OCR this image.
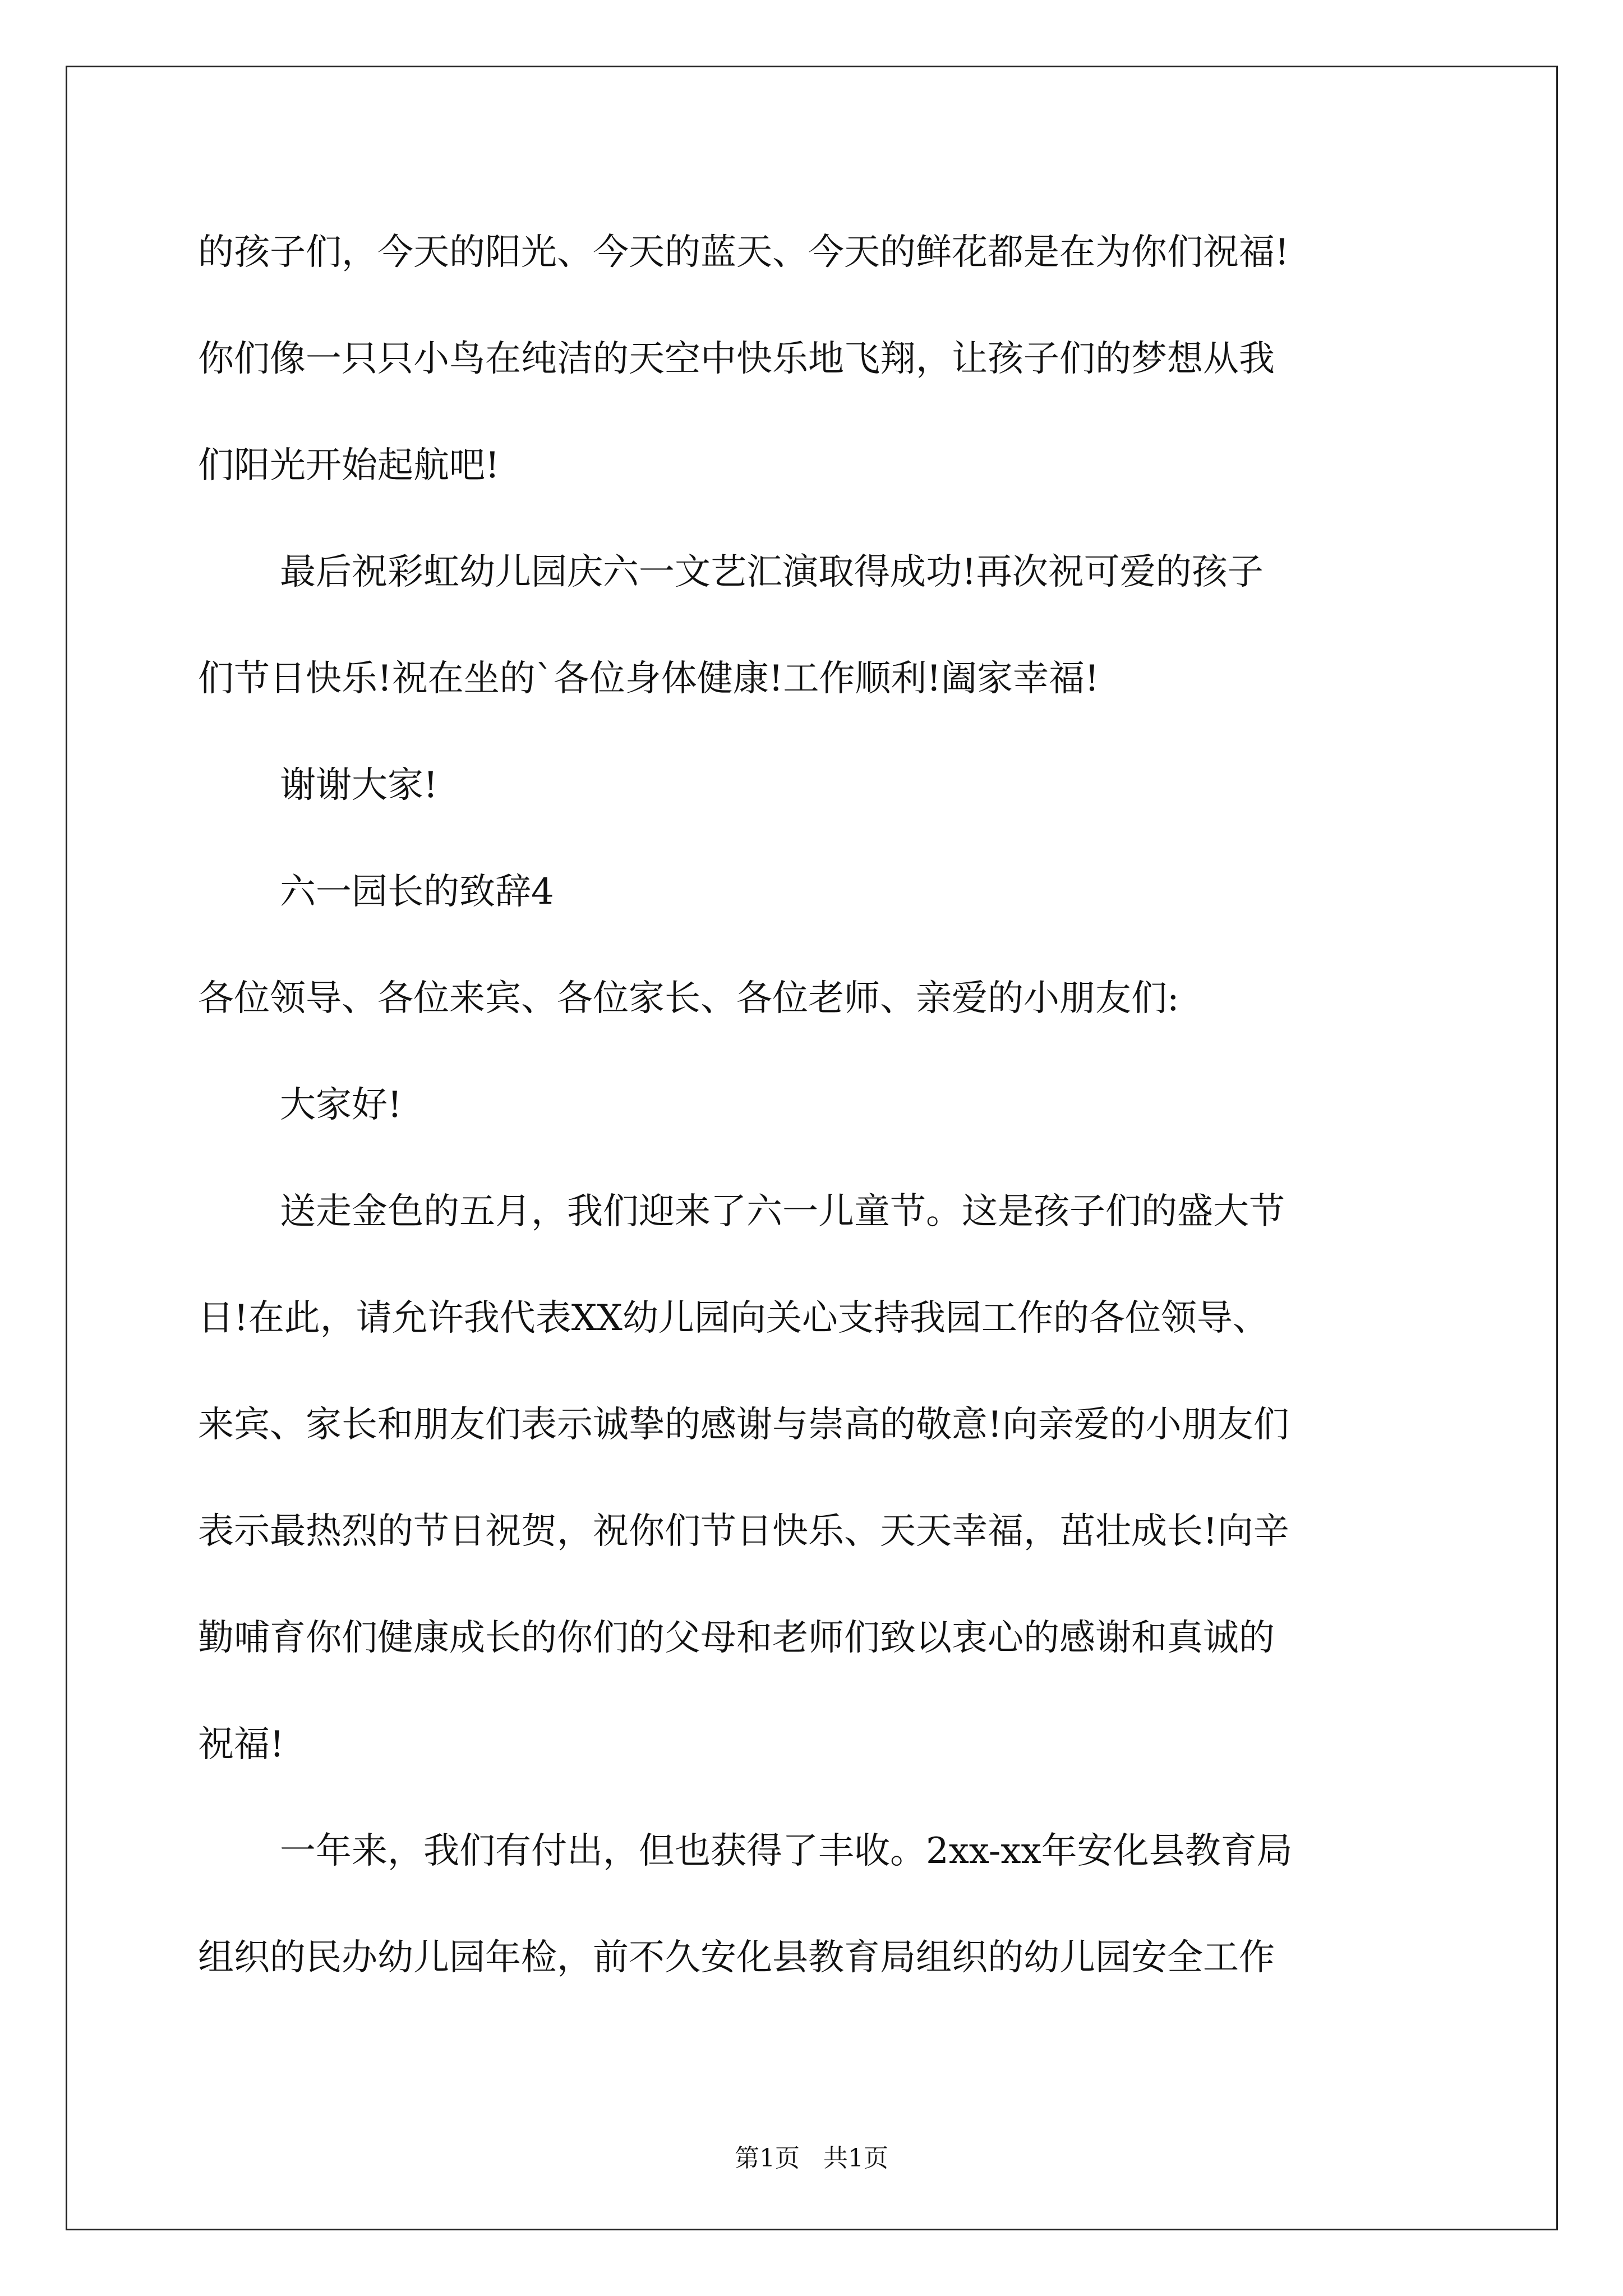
的孩子们，今天的阳光、今天的蓝天、今天的鲜花都是在为你们祝福!
你们像一只只小鸟在纯洁的天空中快乐地飞翔，让孩子们的梦想从我
们阳光开始起航吧!
最后祝彩虹幼儿园庆六一文艺汇演取得成功!再次祝可爱的孩子
们节日快乐!祝在坐的`各位身体健康!工作顺利!阖家幸福!
谢谢大家!
六一园长的致辞4
各位领导、各位来宾、各位家长、各位老师、亲爱的小朋友们:
大家好!
送走金色的五月，我们迎来了六一儿童节。这是孩子们的盛大节
日!在此，请允许我代表XX幼儿园向关心支持我园工作的各位领导、
来宾、家长和朋友们表示诚挚的感谢与崇高的敬意!向亲爱的小朋友们
表示最热烈的节日祝贺，祝你们节日快乐、天天幸福，茁壮成长!向辛
勤哺育你们健康成长的你们的父母和老师们致以衷心的感谢和真诚的
祝福!
一年来，我们有付出，但也获得了丰收。2xx-xx年安化县教育局
组织的民办幼儿园年检，前不久安化县教育局组织的幼儿园安全工作
第1页   共1页
